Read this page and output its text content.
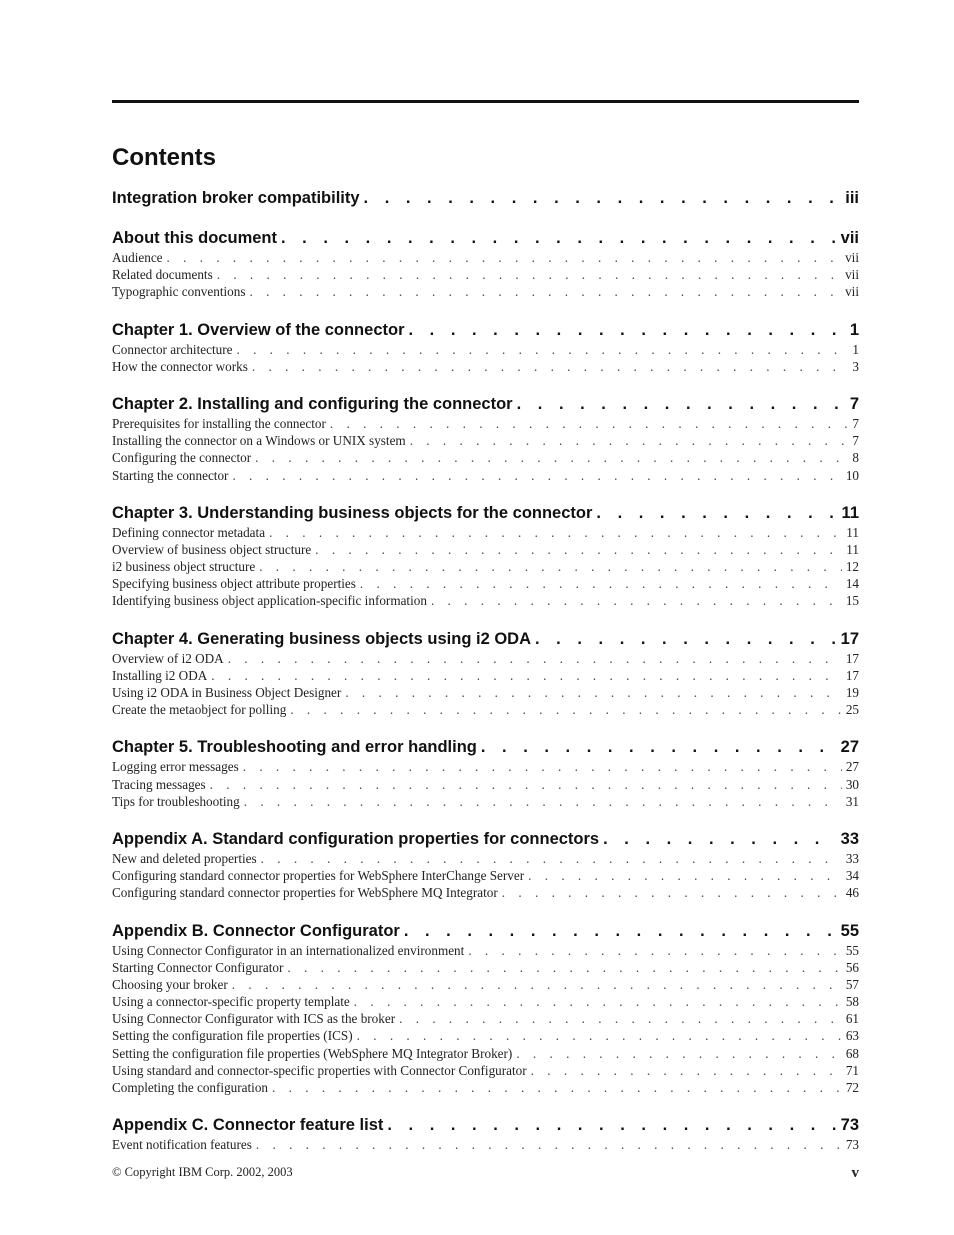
Contents
Integration broker compatibility . . .	iii
About this document . . .	vii
Audience . . .	vii
Related documents . . .	vii
Typographic conventions . . .	vii
Chapter 1. Overview of the connector . . .	1
Connector architecture . . .	1
How the connector works . . .	3
Chapter 2. Installing and configuring the connector . . .	7
Prerequisites for installing the connector . . .	7
Installing the connector on a Windows or UNIX system . . .	7
Configuring the connector . . .	8
Starting the connector . . .	10
Chapter 3. Understanding business objects for the connector . . .	11
Defining connector metadata . . .	11
Overview of business object structure . . .	11
i2 business object structure . . .	12
Specifying business object attribute properties . . .	14
Identifying business object application-specific information . . .	15
Chapter 4. Generating business objects using i2 ODA . . .	17
Overview of i2 ODA . . .	17
Installing i2 ODA . . .	17
Using i2 ODA in Business Object Designer . . .	19
Create the metaobject for polling . . .	25
Chapter 5. Troubleshooting and error handling . . .	27
Logging error messages . . .	27
Tracing messages . . .	30
Tips for troubleshooting . . .	31
Appendix A. Standard configuration properties for connectors . . .	33
New and deleted properties . . .	33
Configuring standard connector properties for WebSphere InterChange Server . . .	34
Configuring standard connector properties for WebSphere MQ Integrator . . .	46
Appendix B. Connector Configurator . . .	55
Using Connector Configurator in an internationalized environment . . .	55
Starting Connector Configurator . . .	56
Choosing your broker . . .	57
Using a connector-specific property template . . .	58
Using Connector Configurator with ICS as the broker . . .	61
Setting the configuration file properties (ICS) . . .	63
Setting the configuration file properties (WebSphere MQ Integrator Broker) . . .	68
Using standard and connector-specific properties with Connector Configurator . . .	71
Completing the configuration . . .	72
Appendix C. Connector feature list . . .	73
Event notification features . . .	73
© Copyright IBM Corp. 2002, 2003	v
